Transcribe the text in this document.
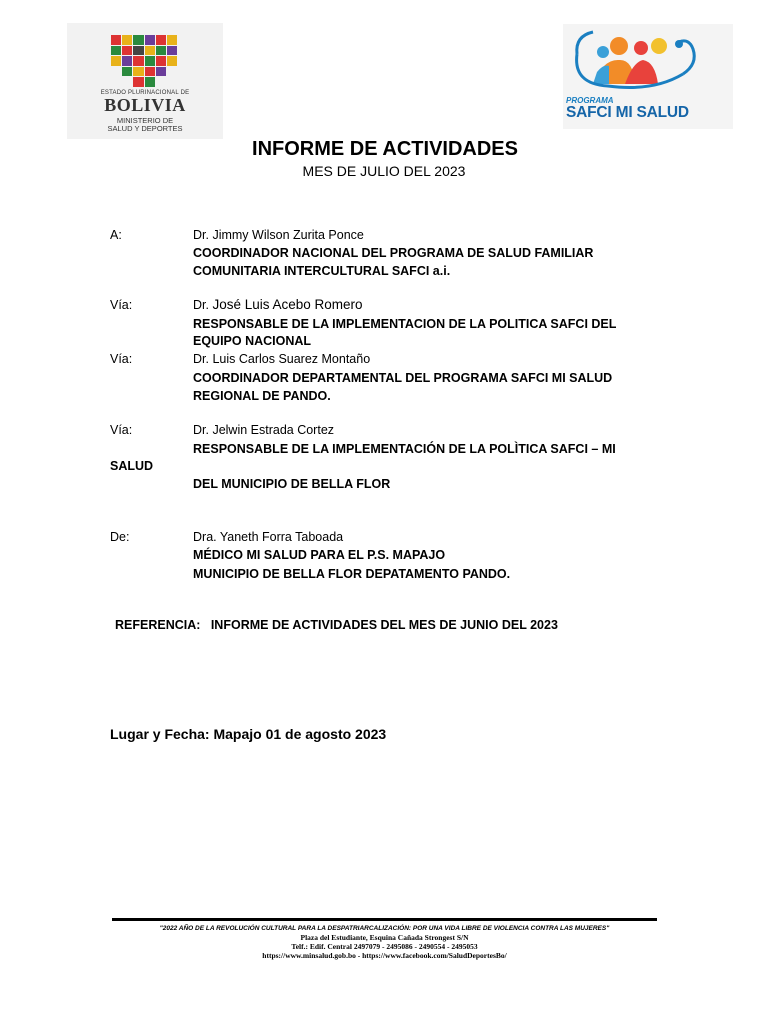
ESTADO PLURINACIONAL DE
BOLIVIA
MINISTERIO DE
SALUD Y DEPORTES
PROGRAMA
SAFCI MI SALUD
INFORME DE ACTIVIDADES
MES DE JULIO DEL 2023
A:	Dr. Jimmy Wilson Zurita Ponce
COORDINADOR NACIONAL DEL PROGRAMA DE SALUD FAMILIAR
COMUNITARIA INTERCULTURAL SAFCI a.i.
Vía:	Dr. José Luis Acebo Romero
RESPONSABLE DE LA IMPLEMENTACION DE LA POLITICA SAFCI DEL
EQUIPO NACIONAL
Vía:	Dr. Luis Carlos Suarez Montaño
COORDINADOR DEPARTAMENTAL DEL PROGRAMA SAFCI MI SALUD
REGIONAL DE PANDO.
Vía:	Dr. Jelwin Estrada Cortez
RESPONSABLE DE LA IMPLEMENTACIÓN DE LA POLÌTICA SAFCI – MI
SALUD
DEL MUNICIPIO DE BELLA FLOR
De:	Dra. Yaneth Forra Taboada
MÉDICO MI SALUD PARA EL P.S. MAPAJO
MUNICIPIO DE BELLA FLOR DEPATAMENTO PANDO.
REFERENCIA:   INFORME DE ACTIVIDADES DEL MES DE JUNIO DEL 2023
Lugar y Fecha: Mapajo 01 de agosto 2023
"2022 AÑO DE LA REVOLUCIÓN CULTURAL PARA LA DESPATRIARCALIZACIÓN: POR UNA VIDA LIBRE DE VIOLENCIA CONTRA LAS MUJERES"
Plaza del Estudiante, Esquina Cañada Strongest S/N
Telf.: Edif. Central 2497079 - 2495086 - 2490554 - 2495053
https://www.minsalud.gob.bo - https://www.facebook.com/SaludDeportesBo/
